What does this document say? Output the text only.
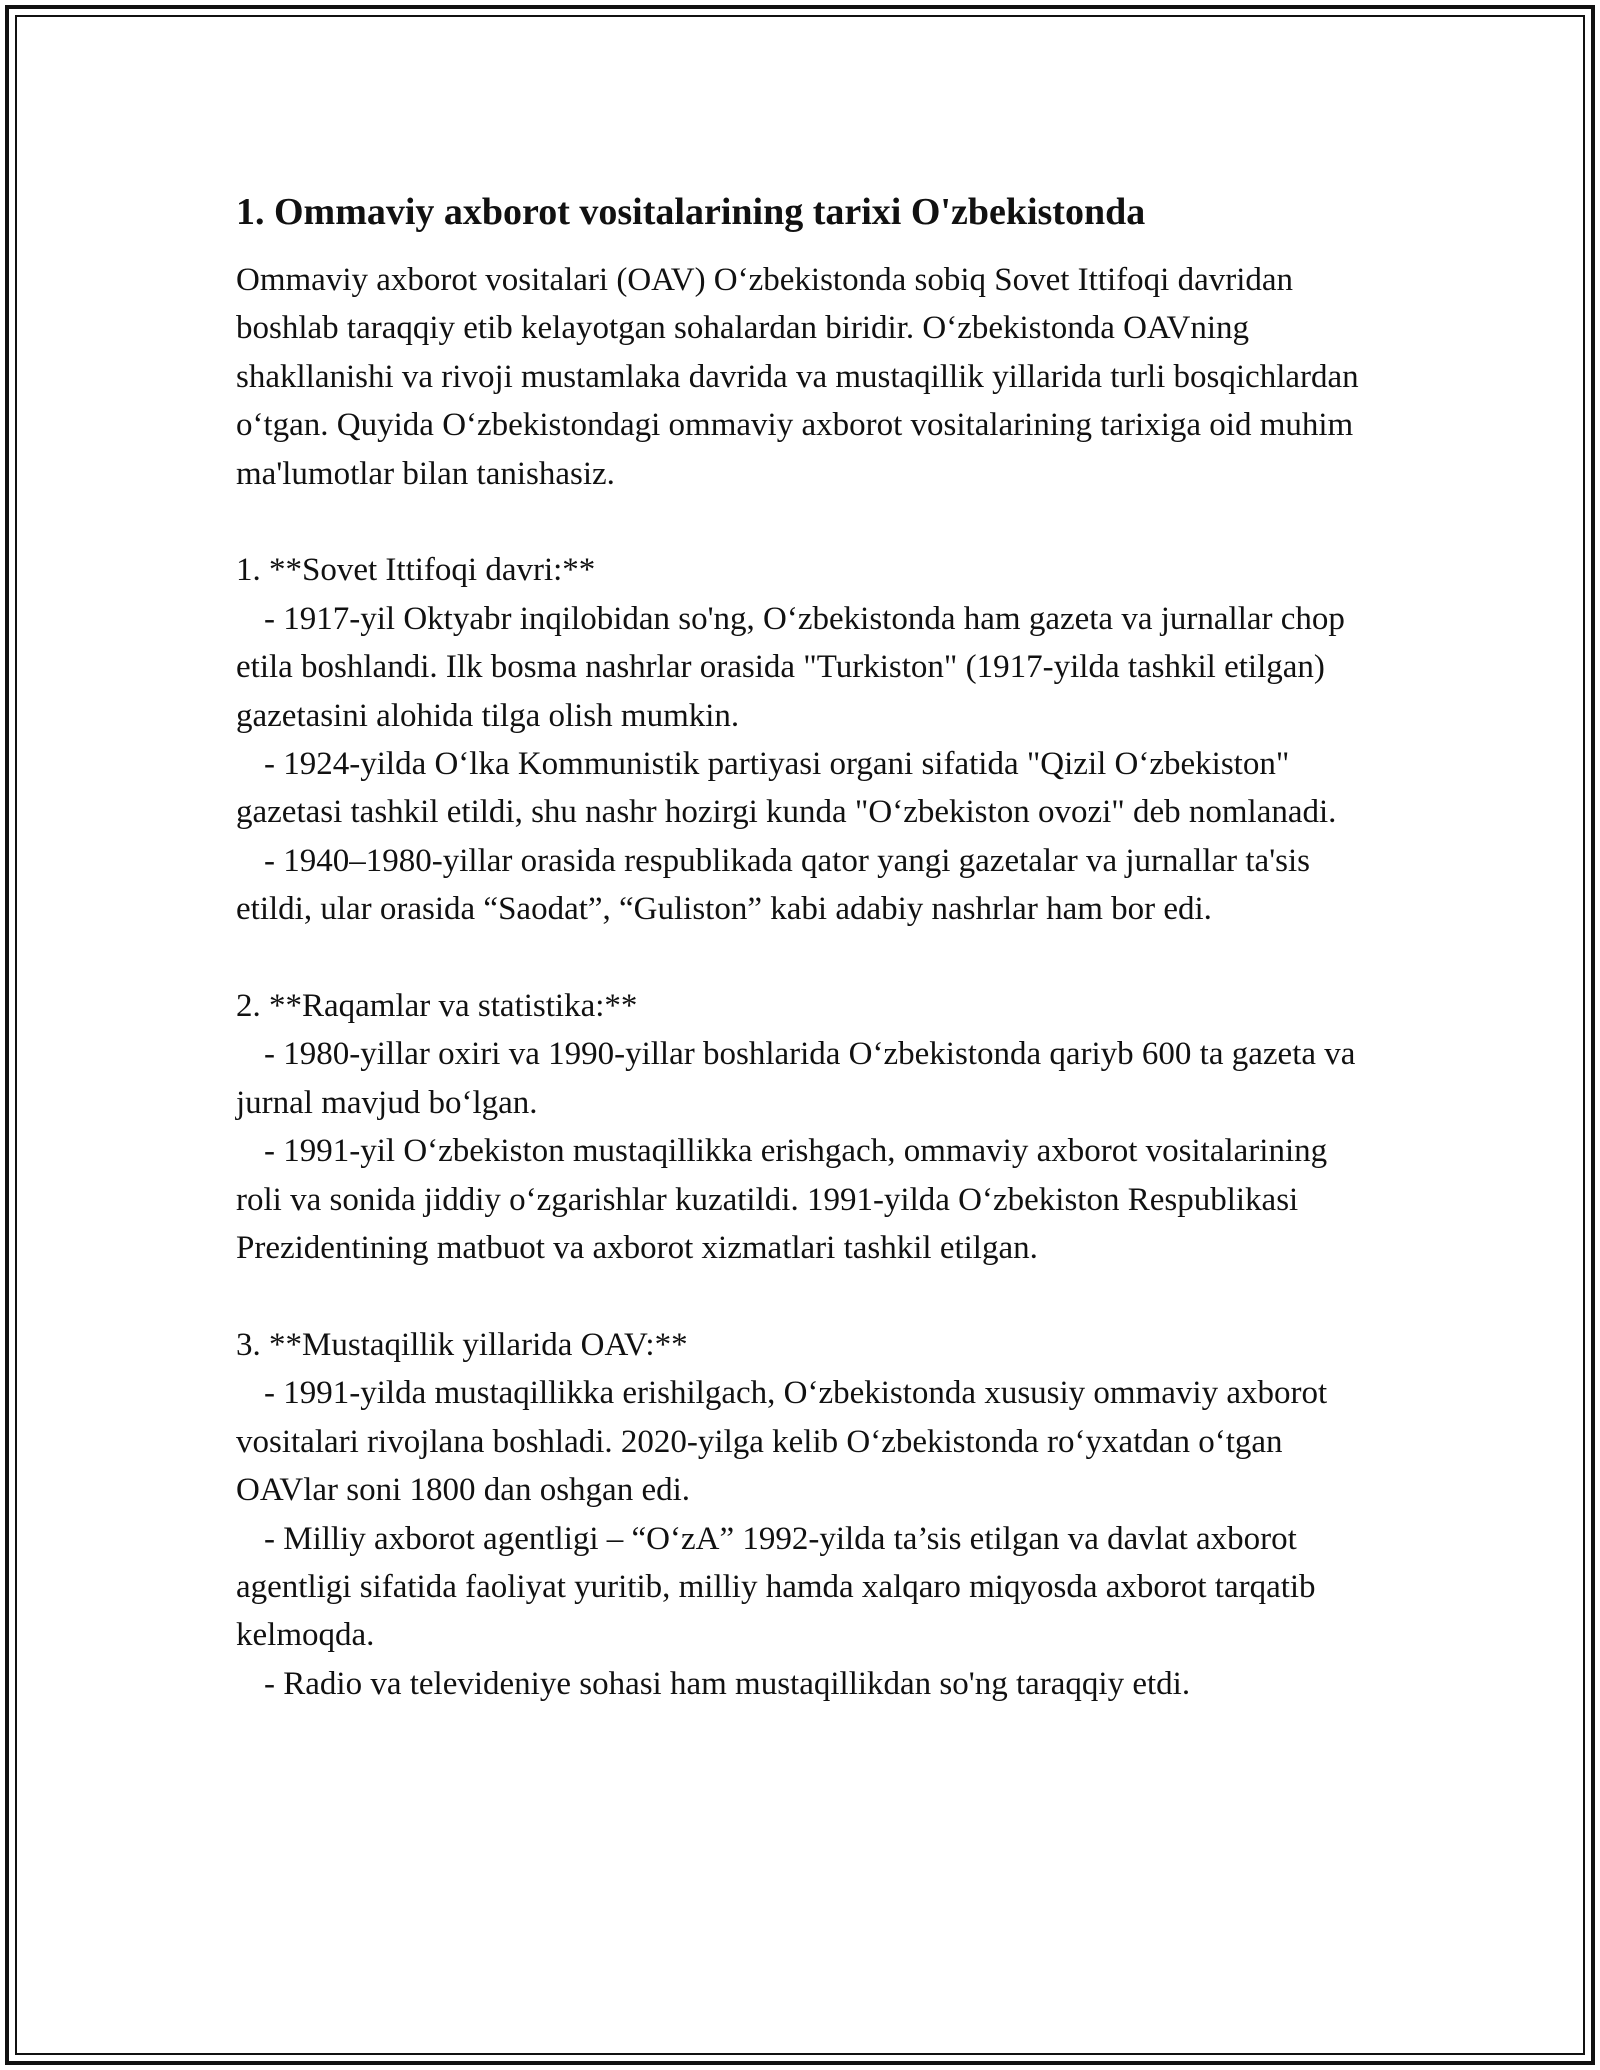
1. Ommaviy axborot vositalarining tarixi O'zbekistonda

Ommaviy axborot vositalari (OAV) O‘zbekistonda sobiq Sovet Ittifoqi davridan boshlab taraqqiy etib kelayotgan sohalardan biridir. O‘zbekistonda OAVning shakllanishi va rivoji mustamlaka davrida va mustaqillik yillarida turli bosqichlardan o‘tgan. Quyida O‘zbekistondagi ommaviy axborot vositalarining tarixiga oid muhim ma'lumotlar bilan tanishasiz.

1. **Sovet Ittifoqi davri:**

- 1917-yil Oktyabr inqilobidan so'ng, O‘zbekistonda ham gazeta va jurnallar chop etila boshlandi. Ilk bosma nashrlar orasida "Turkiston" (1917-yilda tashkil etilgan) gazetasini alohida tilga olish mumkin.

- 1924-yilda O‘lka Kommunistik partiyasi organi sifatida "Qizil O‘zbekiston" gazetasi tashkil etildi, shu nashr hozirgi kunda "O‘zbekiston ovozi" deb nomlanadi.

- 1940–1980-yillar orasida respublikada qator yangi gazetalar va jurnallar ta'sis etildi, ular orasida “Saodat”, “Guliston” kabi adabiy nashrlar ham bor edi.

2. **Raqamlar va statistika:**

- 1980-yillar oxiri va 1990-yillar boshlarida O‘zbekistonda qariyb 600 ta gazeta va jurnal mavjud bo‘lgan.

- 1991-yil O‘zbekiston mustaqillikka erishgach, ommaviy axborot vositalarining roli va sonida jiddiy o‘zgarishlar kuzatildi. 1991-yilda O‘zbekiston Respublikasi Prezidentining matbuot va axborot xizmatlari tashkil etilgan.

3. **Mustaqillik yillarida OAV:**

- 1991-yilda mustaqillikka erishilgach, O‘zbekistonda xususiy ommaviy axborot vositalari rivojlana boshladi. 2020-yilga kelib O‘zbekistonda ro‘yxatdan o‘tgan OAVlar soni 1800 dan oshgan edi.

- Milliy axborot agentligi – “O‘zA” 1992-yilda ta’sis etilgan va davlat axborot agentligi sifatida faoliyat yuritib, milliy hamda xalqaro miqyosda axborot tarqatib kelmoqda.

- Radio va televideniye sohasi ham mustaqillikdan so'ng taraqqiy etdi.
